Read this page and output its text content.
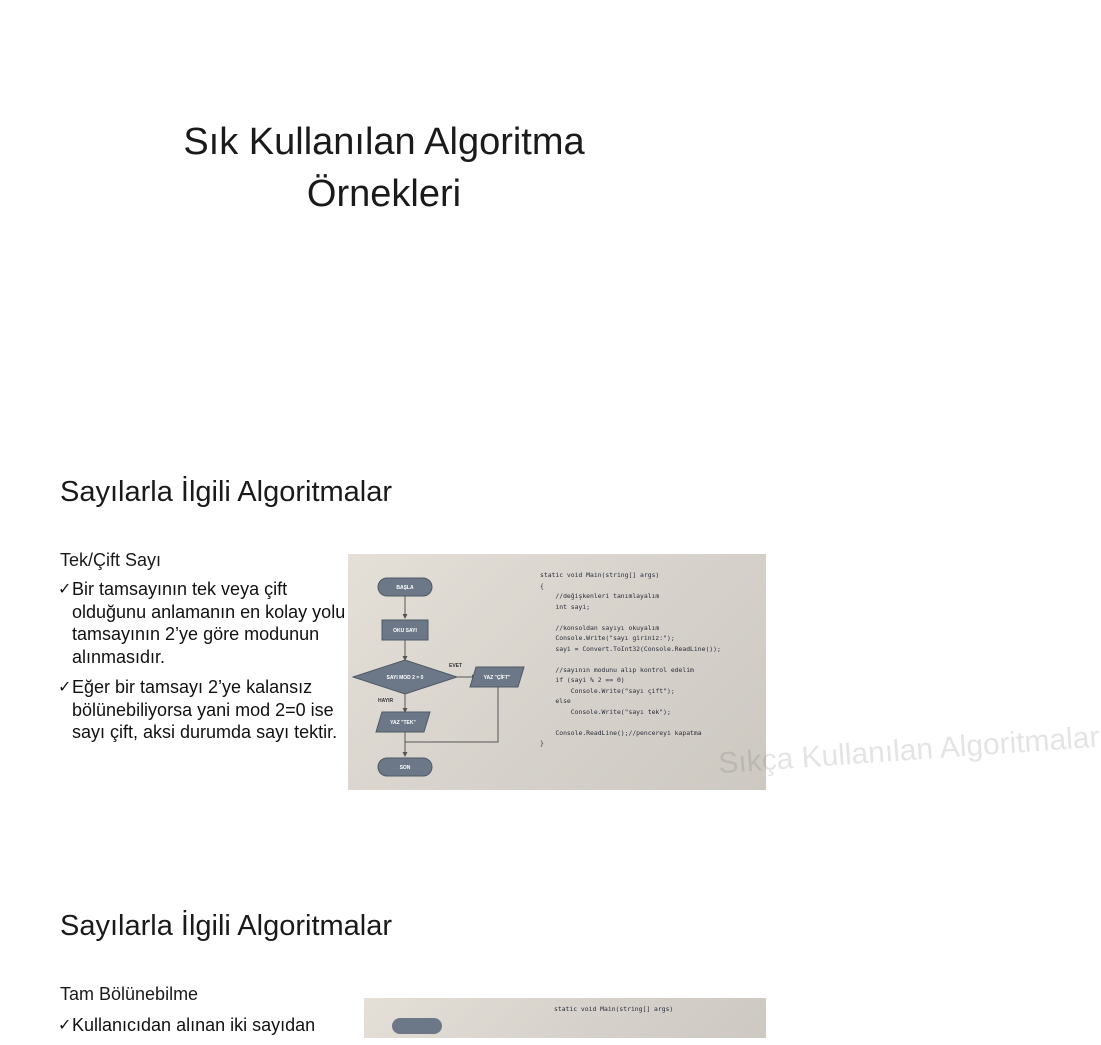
Sık Kullanılan Algoritma
Örnekleri
Sayılarla İlgili Algoritmalar
Tek/Çift Sayı
✓ Bir tamsayının tek veya çift olduğunu anlamanın en kolay yolu tamsayının 2’ye göre modunun alınmasıdır.
✓ Eğer bir tamsayı 2’ye kalansız bölünebiliyorsa yani mod 2=0 ise sayı çift, aksi durumda sayı tektir.	Sıkça Kullanılan Algoritmalar
BAŞLA
OKU SAYI
SAYI MOD 2 = 0
EVET
HAYIR
YAZ "ÇİFT"
YAZ "TEK"
SON
static void Main(string[] args)
{
//değişkenleri tanımlayalım
int sayi;

//konsoldan sayıyı okuyalım
Console.Write("sayı giriniz:");
sayi = Convert.ToInt32(Console.ReadLine());

//sayının modunu alıp kontrol edelim
if (sayi % 2 == 0)
Console.Write("sayı çift");
else
Console.Write("sayı tek");

Console.ReadLine();//pencereyi kapatma
}
Sayılarla İlgili Algoritmalar
Tam Bölünebilme
✓ Kullanıcıdan alınan iki sayıdan
static void Main(string[] args)
